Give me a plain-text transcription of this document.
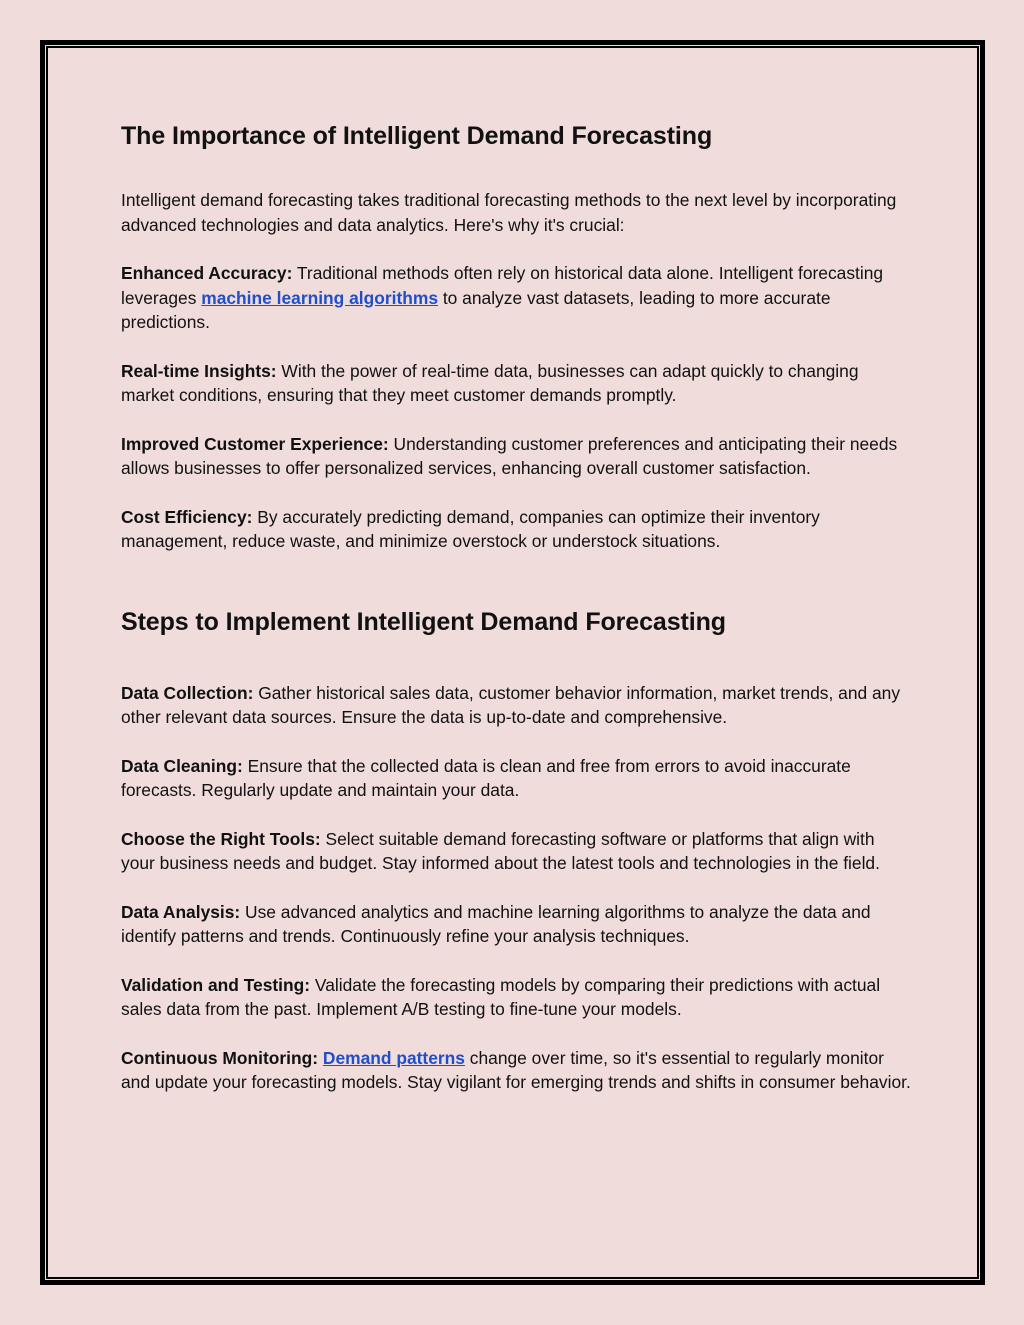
The Importance of Intelligent Demand Forecasting

Intelligent demand forecasting takes traditional forecasting methods to the next level by incorporating advanced technologies and data analytics. Here's why it's crucial:

Enhanced Accuracy: Traditional methods often rely on historical data alone. Intelligent forecasting leverages machine learning algorithms to analyze vast datasets, leading to more accurate predictions.

Real-time Insights: With the power of real-time data, businesses can adapt quickly to changing market conditions, ensuring that they meet customer demands promptly.

Improved Customer Experience: Understanding customer preferences and anticipating their needs allows businesses to offer personalized services, enhancing overall customer satisfaction.

Cost Efficiency: By accurately predicting demand, companies can optimize their inventory management, reduce waste, and minimize overstock or understock situations.

Steps to Implement Intelligent Demand Forecasting

Data Collection: Gather historical sales data, customer behavior information, market trends, and any other relevant data sources. Ensure the data is up-to-date and comprehensive.

Data Cleaning: Ensure that the collected data is clean and free from errors to avoid inaccurate forecasts. Regularly update and maintain your data.

Choose the Right Tools: Select suitable demand forecasting software or platforms that align with your business needs and budget. Stay informed about the latest tools and technologies in the field.

Data Analysis: Use advanced analytics and machine learning algorithms to analyze the data and identify patterns and trends. Continuously refine your analysis techniques.

Validation and Testing: Validate the forecasting models by comparing their predictions with actual sales data from the past. Implement A/B testing to fine-tune your models.

Continuous Monitoring: Demand patterns change over time, so it's essential to regularly monitor and update your forecasting models. Stay vigilant for emerging trends and shifts in consumer behavior.
